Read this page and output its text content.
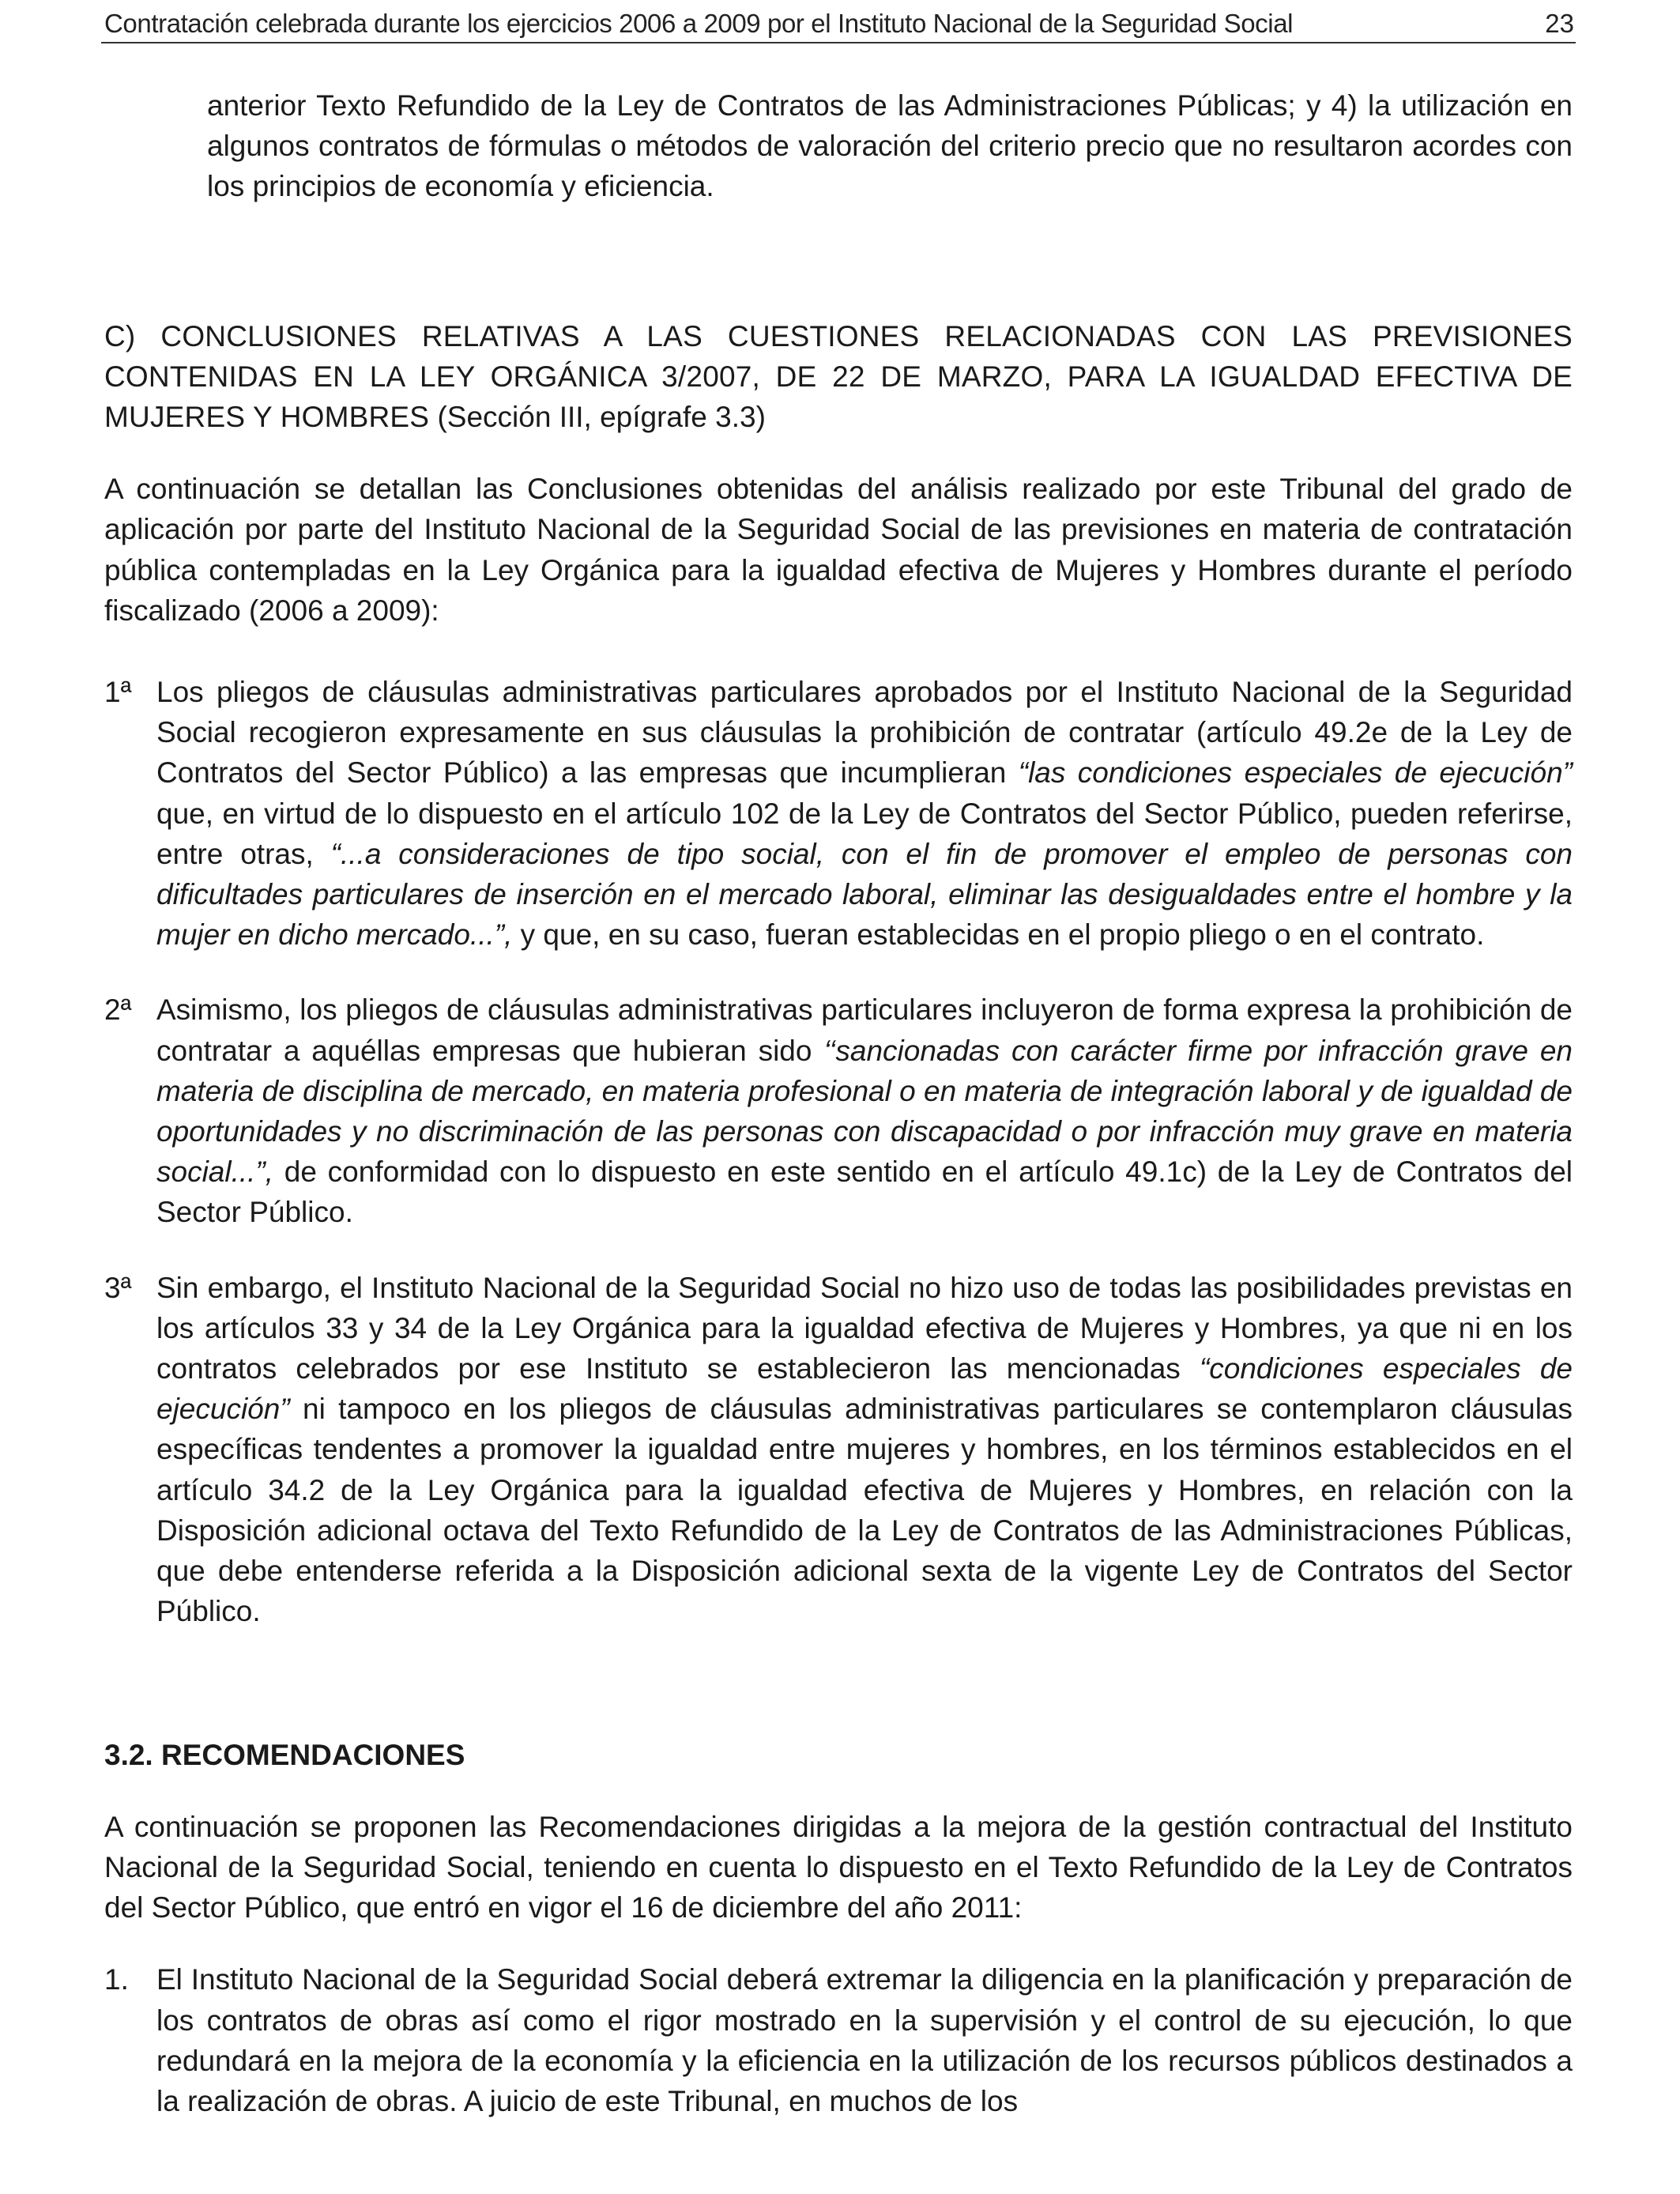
Contratación celebrada durante los ejercicios 2006 a 2009 por el Instituto Nacional de la Seguridad Social	23

anterior Texto Refundido de la Ley de Contratos de las Administraciones Públicas; y 4) la utilización en algunos contratos de fórmulas o métodos de valoración del criterio precio que no resultaron acordes con los principios de economía y eficiencia.

C) CONCLUSIONES RELATIVAS A LAS CUESTIONES RELACIONADAS CON LAS PREVISIONES CONTENIDAS EN LA LEY ORGÁNICA 3/2007, DE 22 DE MARZO, PARA LA IGUALDAD EFECTIVA DE MUJERES Y HOMBRES (Sección III, epígrafe 3.3)

A continuación se detallan las Conclusiones obtenidas del análisis realizado por este Tribunal del grado de aplicación por parte del Instituto Nacional de la Seguridad Social de las previsiones en materia de contratación pública contempladas en la Ley Orgánica para la igualdad efectiva de Mujeres y Hombres durante el período fiscalizado (2006 a 2009):

1ª Los pliegos de cláusulas administrativas particulares aprobados por el Instituto Nacional de la Seguridad Social recogieron expresamente en sus cláusulas la prohibición de contratar (artículo 49.2e de la Ley de Contratos del Sector Público) a las empresas que incumplieran “las condiciones especiales de ejecución” que, en virtud de lo dispuesto en el artículo 102 de la Ley de Contratos del Sector Público, pueden referirse, entre otras, “...a consideraciones de tipo social, con el fin de promover el empleo de personas con dificultades particulares de inserción en el mercado laboral, eliminar las desigualdades entre el hombre y la mujer en dicho mercado...”, y que, en su caso, fueran establecidas en el propio pliego o en el contrato.
2ª Asimismo, los pliegos de cláusulas administrativas particulares incluyeron de forma expresa la prohibición de contratar a aquéllas empresas que hubieran sido ‘‘sancionadas con carácter firme por infracción grave en materia de disciplina de mercado, en materia profesional o en materia de integración laboral y de igualdad de oportunidades y no discriminación de las personas con discapacidad o por infracción muy grave en materia social...”, de conformidad con lo dispuesto en este sentido en el artículo 49.1c) de la Ley de Contratos del Sector Público.
3ª Sin embargo, el Instituto Nacional de la Seguridad Social no hizo uso de todas las posibilidades previstas en los artículos 33 y 34 de la Ley Orgánica para la igualdad efectiva de Mujeres y Hombres, ya que ni en los contratos celebrados por ese Instituto se establecieron las mencionadas “condiciones especiales de ejecución” ni tampoco en los pliegos de cláusulas administrativas particulares se contemplaron cláusulas específicas tendentes a promover la igualdad entre mujeres y hombres, en los términos establecidos en el artículo 34.2 de la Ley Orgánica para la igualdad efectiva de Mujeres y Hombres, en relación con la Disposición adicional octava del Texto Refundido de la Ley de Contratos de las Administraciones Públicas, que debe entenderse referida a la Disposición adicional sexta de la vigente Ley de Contratos del Sector Público.
3.2. RECOMENDACIONES

A continuación se proponen las Recomendaciones dirigidas a la mejora de la gestión contractual del Instituto Nacional de la Seguridad Social, teniendo en cuenta lo dispuesto en el Texto Refundido de la Ley de Contratos del Sector Público, que entró en vigor el 16 de diciembre del año 2011:

1. El Instituto Nacional de la Seguridad Social deberá extremar la diligencia en la planificación y preparación de los contratos de obras así como el rigor mostrado en la supervisión y el control de su ejecución, lo que redundará en la mejora de la economía y la eficiencia en la utilización de los recursos públicos destinados a la realización de obras. A juicio de este Tribunal, en muchos de los
